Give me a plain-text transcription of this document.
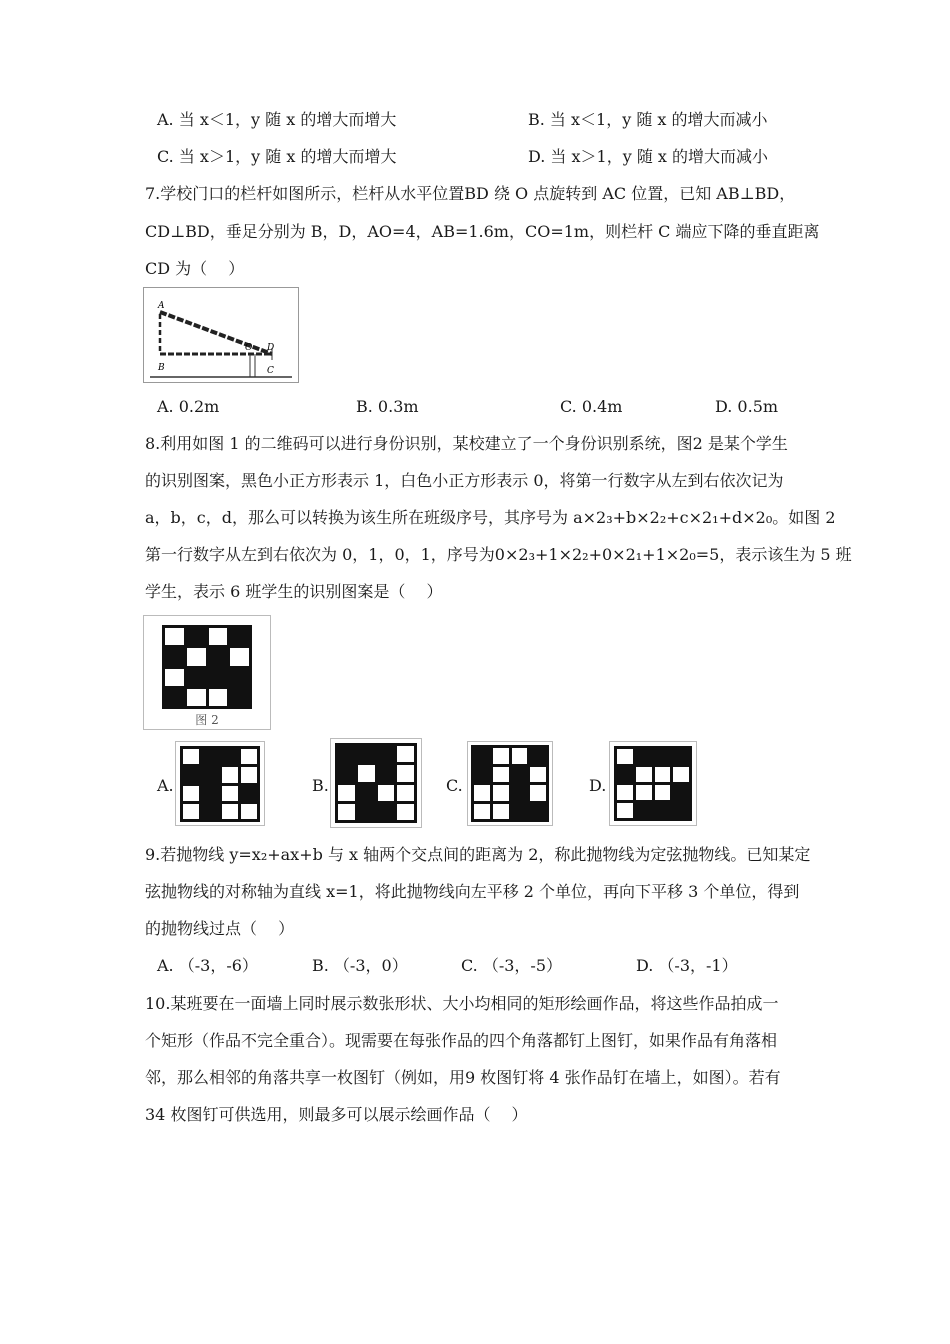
A. 当 x＜1，y 随 x 的增大而增大	B. 当 x＜1，y 随 x 的增大而减小
C. 当 x＞1，y 随 x 的增大而增大	D. 当 x＞1，y 随 x 的增大而减小
7.学校门口的栏杆如图所示，栏杆从水平位置BD 绕 O 点旋转到 AC 位置，已知 AB⊥BD，
CD⊥BD，垂足分别为 B，D，AO=4，AB=1.6m，CO=1m，则栏杆 C 端应下降的垂直距离
CD 为（　 ）
A
B
O D
C
A. 0.2m	B. 0.3m	C. 0.4m	D. 0.5m
8.利用如图 1 的二维码可以进行身份识别，某校建立了一个身份识别系统，图2 是某个学生
的识别图案，黑色小正方形表示 1，白色小正方形表示 0，将第一行数字从左到右依次记为
a，b，c，d，那么可以转换为该生所在班级序号，其序号为 a×2₃+b×2₂+c×2₁+d×2₀。如图 2
第一行数字从左到右依次为 0，1，0，1，序号为0×2₃+1×2₂+0×2₁+1×2₀=5，表示该生为 5 班
学生，表示 6 班学生的识别图案是（　 ）
图 2
A.	B.	C.	D.
9.若抛物线 y=x₂+ax+b 与 x 轴两个交点间的距离为 2，称此抛物线为定弦抛物线。已知某定
弦抛物线的对称轴为直线 x=1，将此抛物线向左平移 2 个单位，再向下平移 3 个单位，得到
的抛物线过点（　 ）
A. （-3，-6）	B. （-3，0）	C. （-3，-5）	D. （-3，-1）
10.某班要在一面墙上同时展示数张形状、大小均相同的矩形绘画作品，将这些作品拍成一
个矩形（作品不完全重合）。现需要在每张作品的四个角落都钉上图钉，如果作品有角落相
邻，那么相邻的角落共享一枚图钉（例如，用9 枚图钉将 4 张作品钉在墙上，如图）。若有
34 枚图钉可供选用，则最多可以展示绘画作品（　 ）
